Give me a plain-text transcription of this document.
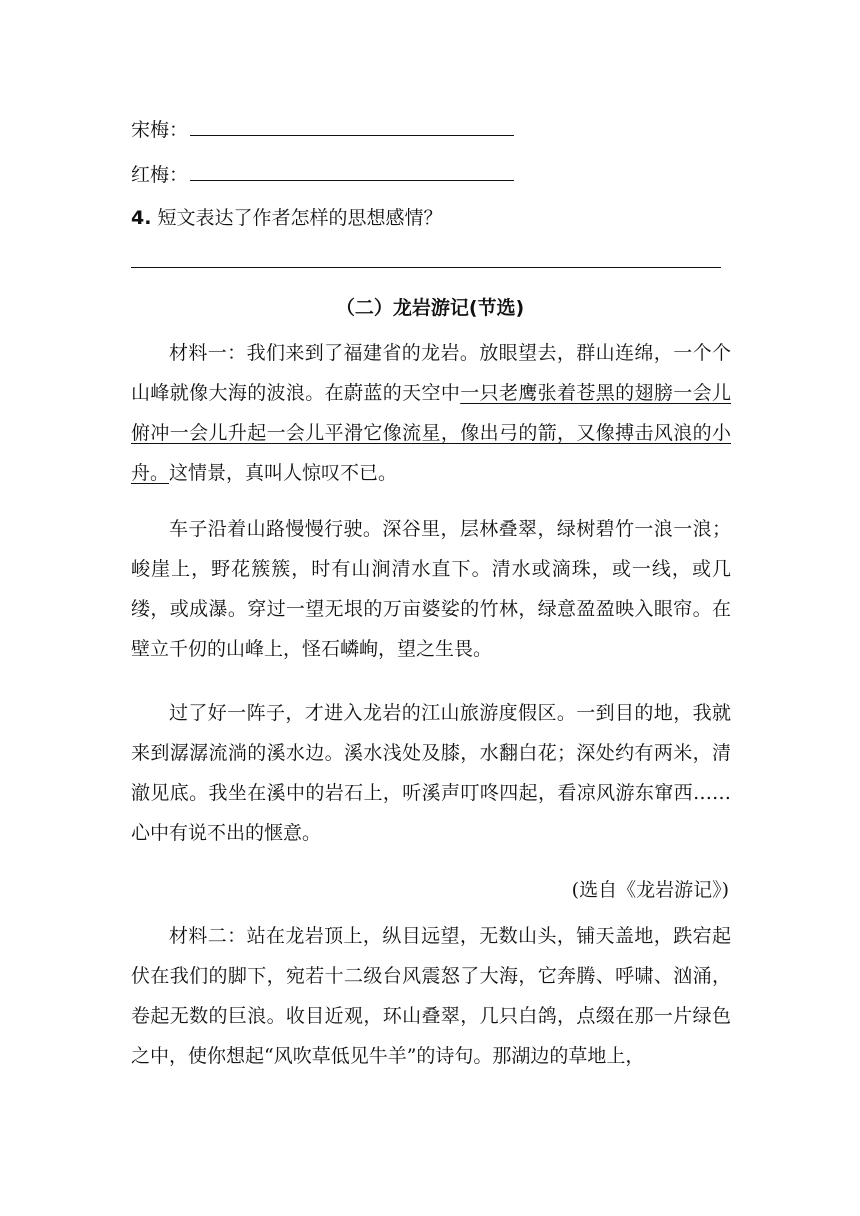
宋梅：
红梅：
4. 短文表达了作者怎样的思想感情？
（二）龙岩游记(节选)

材料一：我们来到了福建省的龙岩。放眼望去，群山连绵，一个个山峰就像大海的波浪。在蔚蓝的天空中一只老鹰张着苍黑的翅膀一会儿俯冲一会儿升起一会儿平滑它像流星，像出弓的箭，又像搏击风浪的小舟。这情景，真叫人惊叹不已。

车子沿着山路慢慢行驶。深谷里，层林叠翠，绿树碧竹一浪一浪；峻崖上，野花簇簇，时有山涧清水直下。清水或滴珠，或一线，或几缕，或成瀑。穿过一望无垠的万亩婆娑的竹林，绿意盈盈映入眼帘。在壁立千仞的山峰上，怪石嶙峋，望之生畏。

过了好一阵子，才进入龙岩的江山旅游度假区。一到目的地，我就来到潺潺流淌的溪水边。溪水浅处及膝，水翻白花；深处约有两米，清澈见底。我坐在溪中的岩石上，听溪声叮咚四起，看凉风游东窜西……心中有说不出的惬意。

(选自《龙岩游记》)

材料二：站在龙岩顶上，纵目远望，无数山头，铺天盖地，跌宕起伏在我们的脚下，宛若十二级台风震怒了大海，它奔腾、呼啸、汹涌，卷起无数的巨浪。收目近观，环山叠翠，几只白鸽，点缀在那一片绿色之中，使你想起“风吹草低见牛羊”的诗句。那湖边的草地上，
